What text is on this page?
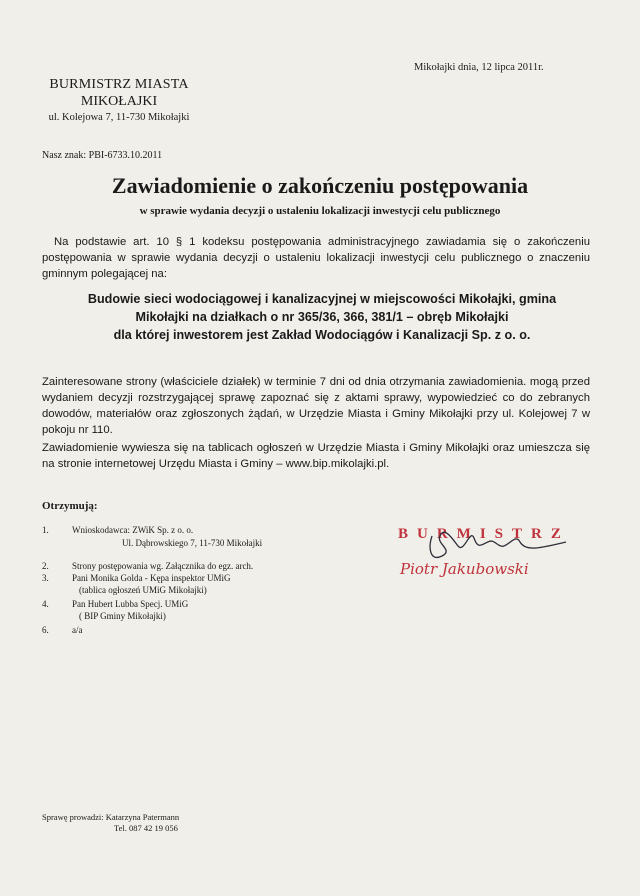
Mikołajki dnia, 12 lipca 2011r.
BURMISTRZ MIASTA
MIKOŁAJKI
ul. Kolejowa 7, 11-730 Mikołajki
Nasz znak: PBI-6733.10.2011
Zawiadomienie o zakończeniu postępowania
w sprawie wydania decyzji o ustaleniu lokalizacji inwestycji celu publicznego
Na podstawie art. 10 § 1 kodeksu postępowania administracyjnego zawiadamia się o zakończeniu postępowania w sprawie wydania decyzji o ustaleniu lokalizacji inwestycji celu publicznego o znaczeniu gminnym polegającej na:
Budowie sieci wodociągowej i kanalizacyjnej w miejscowości Mikołajki, gmina
Mikołajki na działkach o nr 365/36, 366, 381/1 – obręb Mikołajki
dla której inwestorem jest Zakład Wodociągów i Kanalizacji Sp. z o. o.
Zainteresowane strony (właściciele działek) w terminie 7 dni od dnia otrzymania zawiadomienia. mogą przed wydaniem decyzji rozstrzygającej sprawę zapoznać się z aktami sprawy, wypowiedzieć co do zebranych dowodów, materiałów oraz zgłoszonych żądań, w Urzędzie Miasta i Gminy Mikołajki przy ul. Kolejowej 7 w pokoju nr 110.
Zawiadomienie wywiesza się na tablicach ogłoszeń w Urzędzie Miasta i Gminy Mikołajki oraz umieszcza się na stronie internetowej Urzędu Miasta i Gminy – www.bip.mikolajki.pl.
Otrzymują:
1.	Wnioskodawca: ZWiK Sp. z o. o.
Ul. Dąbrowskiego 7, 11-730 Mikołajki
2.	Strony postępowania wg. Załącznika do egz. arch.
3.	Pani Monika Golda - Kępa inspektor UMiG
(tablica ogłoszeń UMiG Mikołajki)
4.	Pan Hubert Lubba Specj. UMiG
( BIP Gminy Mikołajki)
6.	a/a
BURMISTRZ
Piotr Jakubowski
Sprawę prowadzi: Katarzyna Patermann
Tel. 087 42 19 056
